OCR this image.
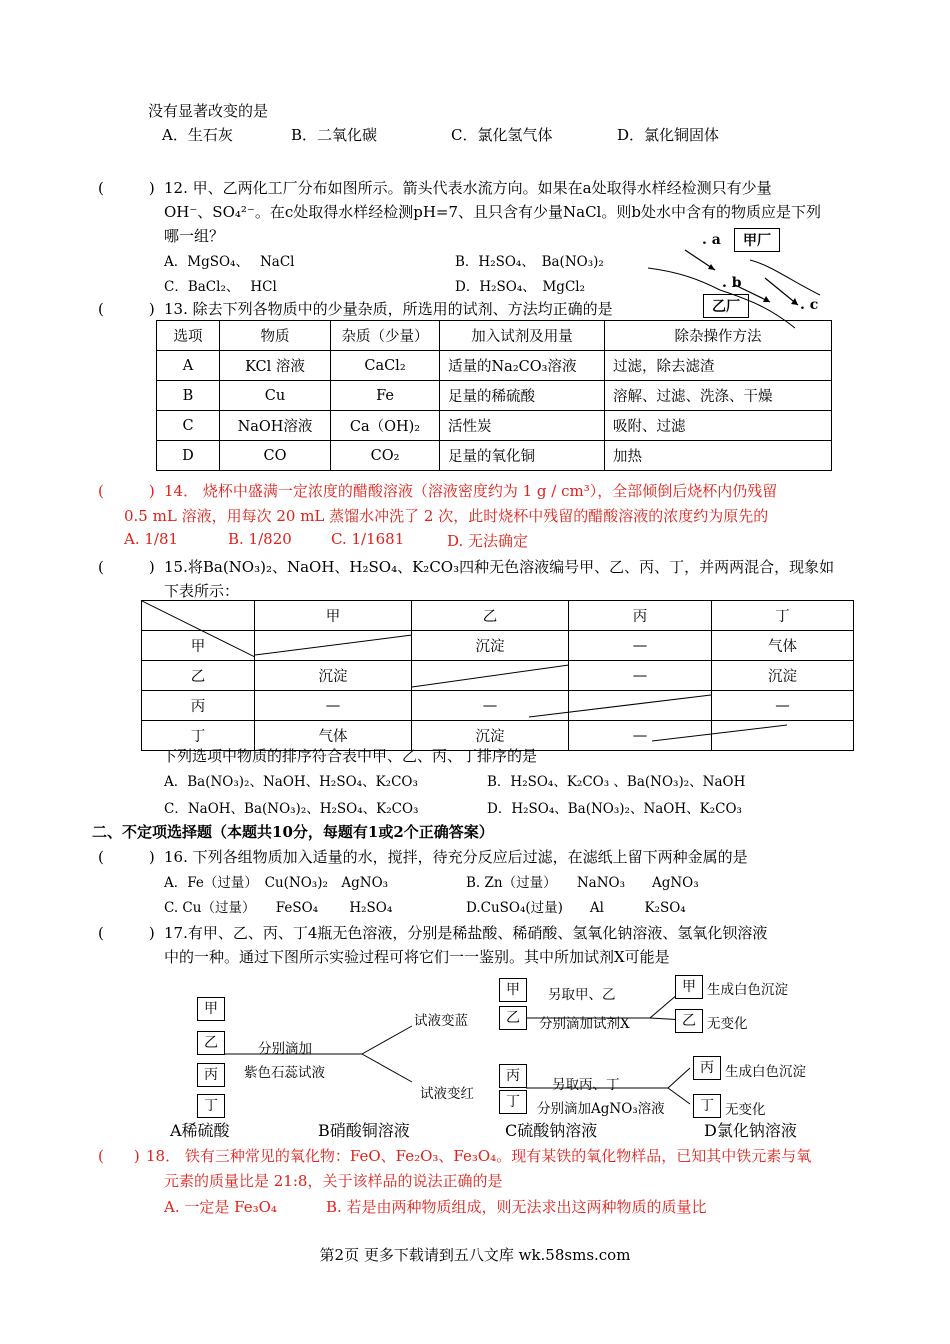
没有显著改变的是
A．生石灰	B．二氧化碳	C．氯化氢气体	D．氯化铜固体
(　　　) 12. 甲、乙两化工厂分布如图所示。箭头代表水流方向。如果在a处取得水样经检测只有少量
OH⁻、SO₄²⁻。在c处取得水样经检测pH=7、且只含有少量NaCl。则b处水中含有的物质应是下列
哪一组？
A．MgSO₄、　 NaCl	B．H₂SO₄、　Ba(NO₃)₂
C．BaCl₂、　 HCl	D．H₂SO₄、　MgCl₂
甲厂
乙厂
. a
. b
. c
(　　　) 13. 除去下列各物质中的少量杂质，所选用的试剂、方法均正确的是
选项	物质	杂质（少量）	加入试剂及用量	除杂操作方法
A	KCl 溶液	CaCl₂	适量的Na₂CO₃溶液	过滤，除去滤渣
B	Cu	Fe	足量的稀硫酸	溶解、过滤、洗涤、干燥
C	NaOH溶液	Ca（OH)₂	活性炭	吸附、过滤
D	CO	CO₂	足量的氧化铜	加热
(　　　) 14． 烧杯中盛满一定浓度的醋酸溶液（溶液密度约为 1 g / cm³），全部倾倒后烧杯内仍残留
0.5 mL 溶液，用每次 20 mL 蒸馏水冲洗了 2 次，此时烧杯中残留的醋酸溶液的浓度约为原先的
A. 1/81	B. 1/820	C. 1/1681	D. 无法确定
(　　　) 15.将Ba(NO₃)₂、NaOH、H₂SO₄、K₂CO₃四种无色溶液编号甲、乙、丙、丁，并两两混合，现象如
下表所示：
	甲	乙	丙	丁
甲		沉淀	—	气体
乙	沉淀		—	沉淀
丙	—	—		—
丁	气体	沉淀	—	
下列选项中物质的排序符合表中甲、乙、丙、丁排序的是
A．Ba(NO₃)₂、NaOH、H₂SO₄、K₂CO₃	B．H₂SO₄、K₂CO₃ 、Ba(NO₃)₂、NaOH
C．NaOH、Ba(NO₃)₂、H₂SO₄、K₂CO₃	D．H₂SO₄、Ba(NO₃)₂、NaOH、K₂CO₃
二、不定项选择题（本题共10分，每题有1或2个正确答案）
(　　　) 16. 下列各组物质加入适量的水，搅拌，待充分反应后过滤，在滤纸上留下两种金属的是
A．Fe（过量）　Cu(NO₃)₂　AgNO₃	B. Zn（过量）　　NaNO₃　　AgNO₃
C. Cu（过量）　　FeSO₄　　 H₂SO₄	D.CuSO₄(过量)　　Al　　　K₂SO₄
(　　　) 17.有甲、乙、丙、丁4瓶无色溶液，分别是稀盐酸、稀硝酸、氢氧化钠溶液、氢氧化钡溶液
中的一种。通过下图所示实验过程可将它们一一鉴别。其中所加试剂X可能是
甲
乙
丙
丁
分别滴加
紫色石蕊试液
试液变蓝
试液变红
甲
乙
另取甲、乙
分别滴加试剂X
甲
乙
生成白色沉淀
无变化
丙
丁
另取丙、丁
分别滴加AgNO₃溶液
丙
丁
生成白色沉淀
无变化
A稀硫酸	B硝酸铜溶液	C硫酸钠溶液	D氯化钠溶液
(　　) 18． 铁有三种常见的氧化物：FeO、Fe₂O₃、Fe₃O₄。现有某铁的氧化物样品，已知其中铁元素与氧
元素的质量比是 21:8，关于该样品的说法正确的是
A. 一定是 Fe₃O₄	B. 若是由两种物质组成，则无法求出这两种物质的质量比
第2页 更多下载请到五八文库 wk.58sms.com
